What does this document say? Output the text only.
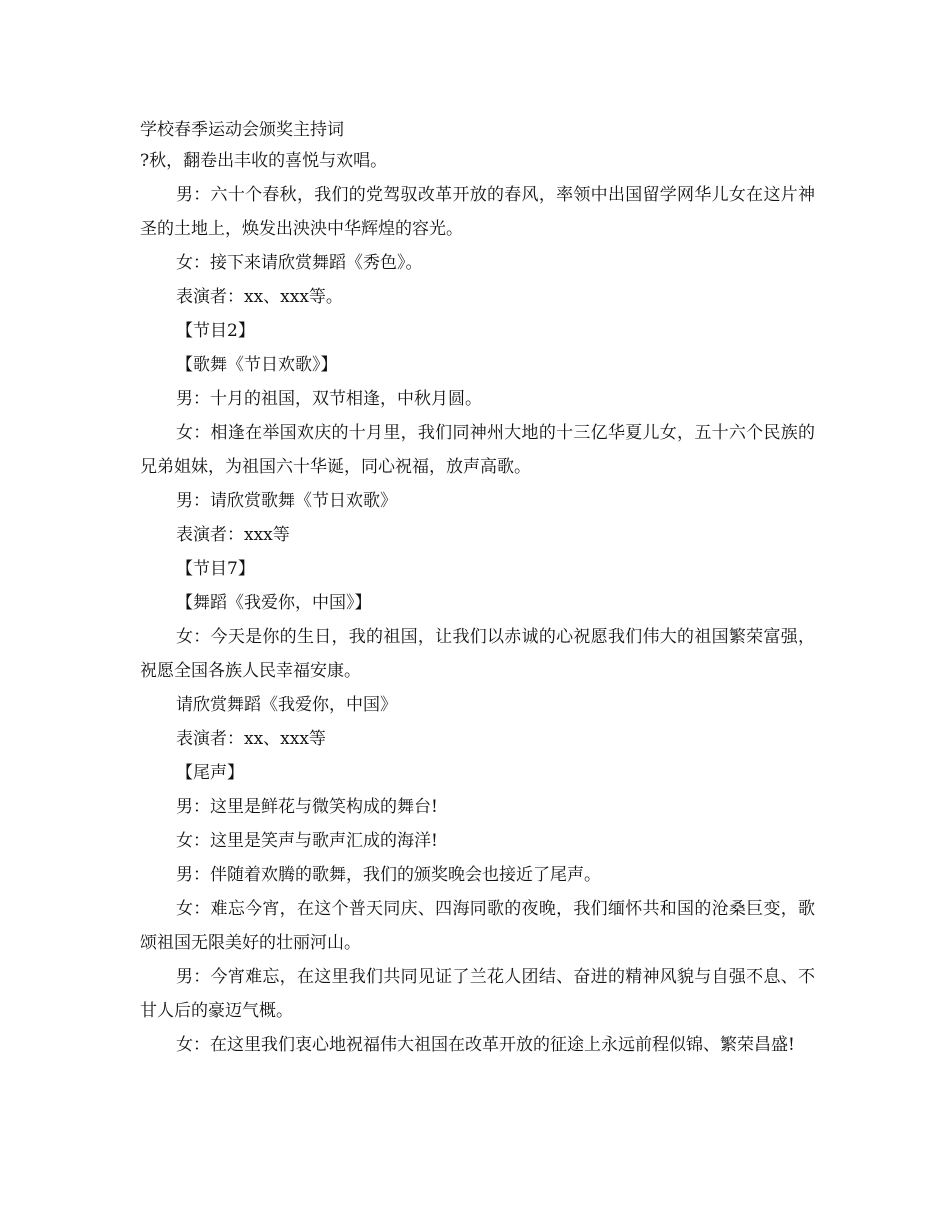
学校春季运动会颁奖主持词

?秋，翻卷出丰收的喜悦与欢唱。

男：六十个春秋，我们的党驾驭改革开放的春风，率领中出国留学网华儿女在这片神圣的土地上，焕发出泱泱中华辉煌的容光。

女：接下来请欣赏舞蹈《秀色》。

表演者：xx、xxx等。

【节目2】

【歌舞《节日欢歌》】

男：十月的祖国，双节相逢，中秋月圆。

女：相逢在举国欢庆的十月里，我们同神州大地的十三亿华夏儿女，五十六个民族的兄弟姐妹，为祖国六十华诞，同心祝福，放声高歌。

男：请欣赏歌舞《节日欢歌》

表演者：xxx等

【节目7】

【舞蹈《我爱你，中国》】

女：今天是你的生日，我的祖国，让我们以赤诚的心祝愿我们伟大的祖国繁荣富强，祝愿全国各族人民幸福安康。

请欣赏舞蹈《我爱你，中国》

表演者：xx、xxx等

【尾声】

男：这里是鲜花与微笑构成的舞台!

女：这里是笑声与歌声汇成的海洋!

男：伴随着欢腾的歌舞，我们的颁奖晚会也接近了尾声。

女：难忘今宵，在这个普天同庆、四海同歌的夜晚，我们缅怀共和国的沧桑巨变，歌颂祖国无限美好的壮丽河山。

男：今宵难忘，在这里我们共同见证了兰花人团结、奋进的精神风貌与自强不息、不甘人后的豪迈气概。

女：在这里我们衷心地祝福伟大祖国在改革开放的征途上永远前程似锦、繁荣昌盛!
